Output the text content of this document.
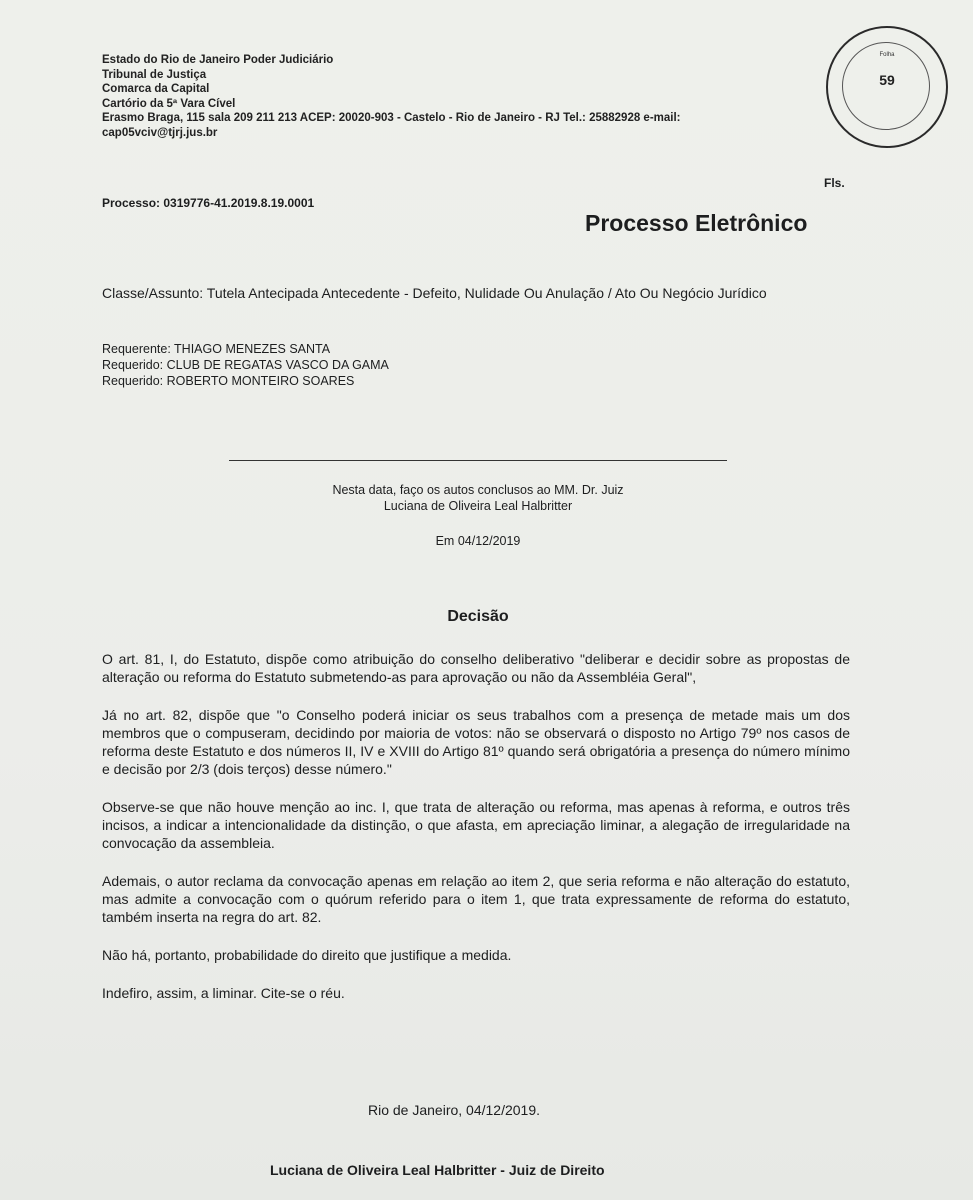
Estado do Rio de Janeiro Poder Judiciário
Tribunal de Justiça
Comarca da Capital
Cartório da 5ª Vara Cível
Erasmo Braga, 115 sala 209 211 213 ACEP: 20020-903 - Castelo - Rio de Janeiro - RJ Tel.: 25882928 e-mail:
cap05vciv@tjrj.jus.br
Folha
59
Fls.
Processo: 0319776-41.2019.8.19.0001
Processo Eletrônico
Classe/Assunto: Tutela Antecipada Antecedente - Defeito, Nulidade Ou Anulação / Ato Ou Negócio Jurídico
Requerente: THIAGO MENEZES SANTA
Requerido: CLUB DE REGATAS VASCO DA GAMA
Requerido: ROBERTO MONTEIRO SOARES
Nesta data, faço os autos conclusos ao MM. Dr. Juiz
Luciana de Oliveira Leal Halbritter
Em 04/12/2019
Decisão

O art. 81, I, do Estatuto, dispõe como atribuição do conselho deliberativo "deliberar e decidir sobre as propostas de alteração ou reforma do Estatuto submetendo-as para aprovação ou não da Assembléia Geral",

Já no art. 82, dispõe que "o Conselho poderá iniciar os seus trabalhos com a presença de metade mais um dos membros que o compuseram, decidindo por maioria de votos: não se observará o disposto no Artigo 79º nos casos de reforma deste Estatuto e dos números II, IV e XVIII do Artigo 81º quando será obrigatória a presença do número mínimo e decisão por 2/3 (dois terços) desse número."

Observe-se que não houve menção ao inc. I, que trata de alteração ou reforma, mas apenas à reforma, e outros três incisos, a indicar a intencionalidade da distinção, o que afasta, em apreciação liminar, a alegação de irregularidade na convocação da assembleia.

Ademais, o autor reclama da convocação apenas em relação ao item 2, que seria reforma e não alteração do estatuto, mas admite a convocação com o quórum referido para o item 1, que trata expressamente de reforma do estatuto, também inserta na regra do art. 82.

Não há, portanto, probabilidade do direito que justifique a medida.

Indefiro, assim, a liminar. Cite-se o réu.

Rio de Janeiro, 04/12/2019.
Luciana de Oliveira Leal Halbritter - Juiz de Direito
